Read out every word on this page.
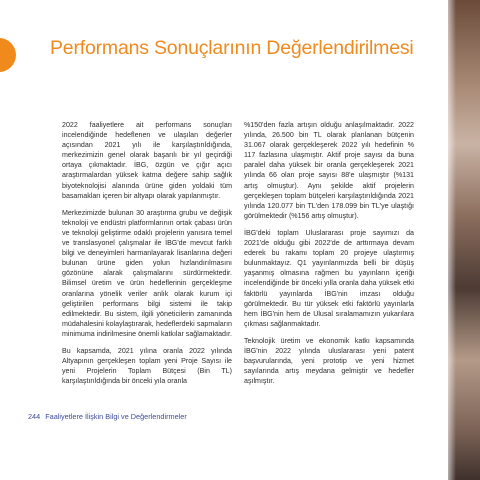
Performans Sonuçlarının Değerlendirilmesi

2022 faaliyetlere ait performans sonuçları incelendiğinde hedeflenen ve ulaşılan değerler açısından 2021 yılı ile karşılaştırıldığında, merkezimizin genel olarak başarılı bir yıl geçirdiği ortaya çıkmaktadır. İBG, özgün ve çığır açıcı araştırmalardan yüksek katma değere sahip sağlık biyoteknolojisi alanında ürüne giden yoldaki tüm basamakları içeren bir altyapı olarak yapılanmıştır.

Merkezimizde bulunan 30 araştırma grubu ve değişik teknoloji ve endüstri platformlarının ortak çabası ürün ve teknoloji geliştirme odaklı projelerin yanısıra temel ve translasyonel çalışmalar ile İBG'de mevcut farklı bilgi ve deneyimleri harmanlayarak lisanlarına değeri bulunan ürüne giden yolun hızlandırılmasını gözönüne alarak çalışmalarını sürdürmektedir. Bilimsel üretim ve ürün hedeflerinin gerçekleşme oranlarına yönelik veriler anlık olarak kurum içi geliştirilen performans bilgi sistemi ile takip edilmektedir. Bu sistem, ilgili yöneticilerin zamanında müdahalesini kolaylaştırarak, hedeflerdeki sapmaların minimuma indirilmesine önemli katkılar sağlamaktadır.

Bu kapsamda, 2021 yılına oranla 2022 yılında Altyapının gerçekleşen toplam yeni Proje Sayısı ile yeni Projelerin Toplam Bütçesi (Bin TL) karşılaştırıldığında bir önceki yıla oranla

%150'den fazla artışın olduğu anlaşılmaktadır. 2022 yılında, 26.500 bin TL olarak planlanan bütçenin 31.067 olarak gerçekleşerek 2022 yılı hedefinin % 117 fazlasına ulaşmıştır. Aktif proje sayısı da buna paralel daha yüksek bir oranla gerçekleşerek 2021 yılında 66 olan proje sayısı 88'e ulaşmıştır (%131 artış olmuştur). Aynı şekilde aktif projelerin gerçekleşen toplam bütçeleri karşılaştırıldığında 2021 yılında 120.077 bin TL'den 178.099 bin TL'ye ulaştığı görülmektedir (%156 artış olmuştur).

İBG'deki toplam Uluslararası proje sayımızı da 2021'de olduğu gibi 2022'de de arttırmaya devam ederek bu rakamı toplam 20 projeye ulaştırmış bulunmaktayız. Q1 yayınlanmızda belli bir düşüş yaşanmış olmasına rağmen bu yayınların içeriği incelendiğinde bir önceki yılla oranla daha yüksek etki faktörlü yayınlarda İBG'nin imzası olduğu görülmektedir. Bu tür yüksek etki faktörlü yayınlarla hem İBG'nin hem de Ulusal sıralamamızın yukarılara çıkması sağlanmaktadır.

Teknolojik üretim ve ekonomik katkı kapsamında İBG'nin 2022 yılında uluslararası yeni patent başvurularında, yeni prototip ve yeni hizmet sayılarında artış meydana gelmiştir ve hedefler aşılmıştır.

244 Faaliyetlere İlişkin Bilgi ve Değerlendirmeler
